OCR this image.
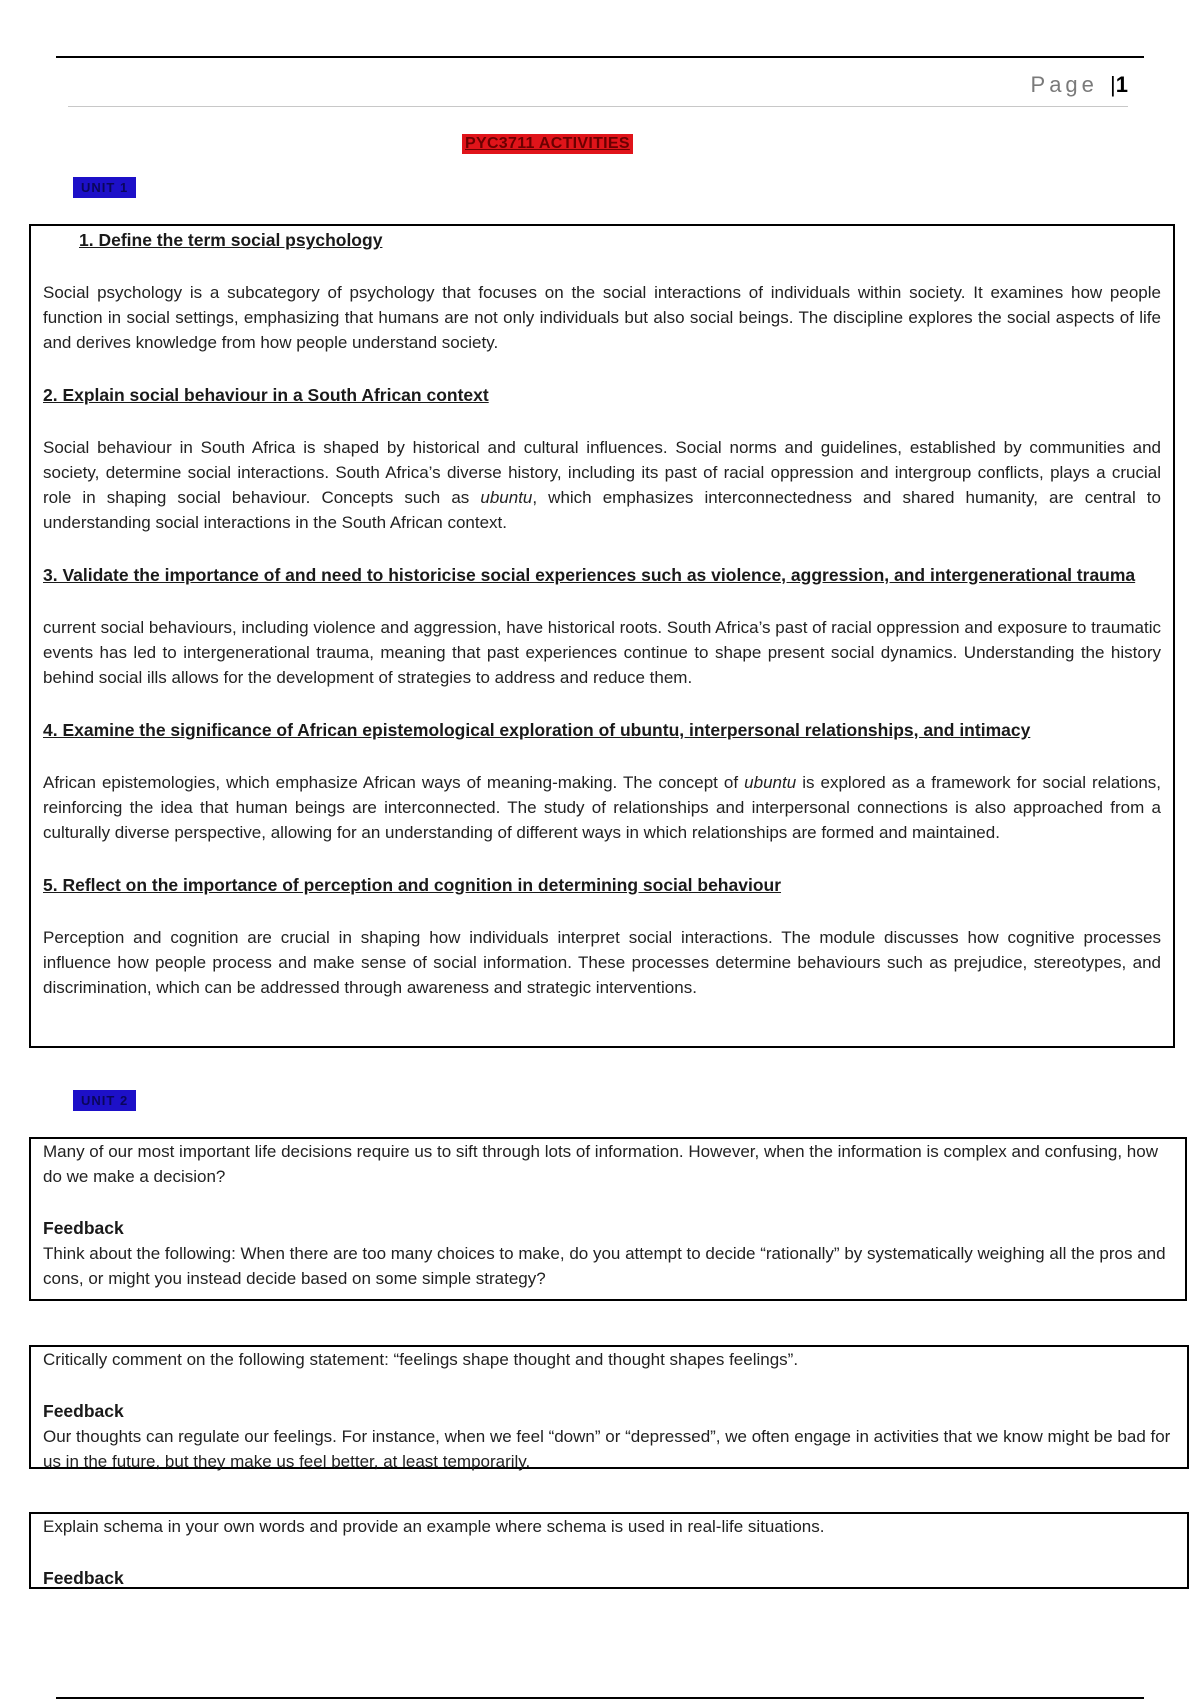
Page |1
PYC3711 ACTIVITIES
UNIT 1

1. Define the term social psychology

Social psychology is a subcategory of psychology that focuses on the social interactions of individuals within society. It examines how people function in social settings, emphasizing that humans are not only individuals but also social beings. The discipline explores the social aspects of life and derives knowledge from how people understand society.

2. Explain social behaviour in a South African context

Social behaviour in South Africa is shaped by historical and cultural influences. Social norms and guidelines, established by communities and society, determine social interactions. South Africa’s diverse history, including its past of racial oppression and intergroup conflicts, plays a crucial role in shaping social behaviour. Concepts such as ubuntu, which emphasizes interconnectedness and shared humanity, are central to understanding social interactions in the South African context.

3. Validate the importance of and need to historicise social experiences such as violence, aggression, and intergenerational trauma

current social behaviours, including violence and aggression, have historical roots. South Africa’s past of racial oppression and exposure to traumatic events has led to intergenerational trauma, meaning that past experiences continue to shape present social dynamics. Understanding the history behind social ills allows for the development of strategies to address and reduce them.

4. Examine the significance of African epistemological exploration of ubuntu, interpersonal relationships, and intimacy

African epistemologies, which emphasize African ways of meaning-making. The concept of ubuntu is explored as a framework for social relations, reinforcing the idea that human beings are interconnected. The study of relationships and interpersonal connections is also approached from a culturally diverse perspective, allowing for an understanding of different ways in which relationships are formed and maintained.

5. Reflect on the importance of perception and cognition in determining social behaviour

Perception and cognition are crucial in shaping how individuals interpret social interactions. The module discusses how cognitive processes influence how people process and make sense of social information. These processes determine behaviours such as prejudice, stereotypes, and discrimination, which can be addressed through awareness and strategic interventions.

UNIT 2

Many of our most important life decisions require us to sift through lots of information. However, when the information is complex and confusing, how do we make a decision?

Feedback

Think about the following: When there are too many choices to make, do you attempt to decide “rationally” by systematically weighing all the pros and cons, or might you instead decide based on some simple strategy?

Critically comment on the following statement: “feelings shape thought and thought shapes feelings”.

Feedback

Our thoughts can regulate our feelings. For instance, when we feel “down” or “depressed”, we often engage in activities that we know might be bad for us in the future, but they make us feel better, at least temporarily.

Explain schema in your own words and provide an example where schema is used in real-life situations.

Feedback
